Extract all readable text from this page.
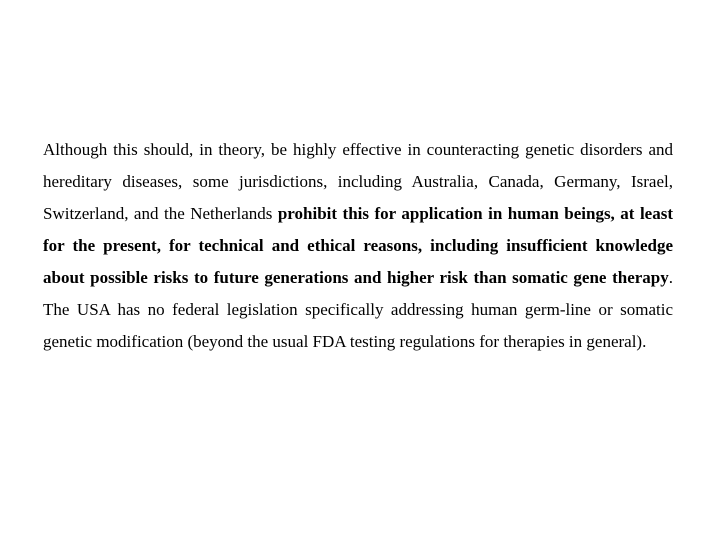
Although this should, in theory, be highly effective in counteracting genetic disorders and hereditary diseases, some jurisdictions, including Australia, Canada, Germany, Israel, Switzerland, and the Netherlands prohibit this for application in human beings, at least for the present, for technical and ethical reasons, including insufficient knowledge about possible risks to future generations and higher risk than somatic gene therapy. The USA has no federal legislation specifically addressing human germ-line or somatic genetic modification (beyond the usual FDA testing regulations for therapies in general).
